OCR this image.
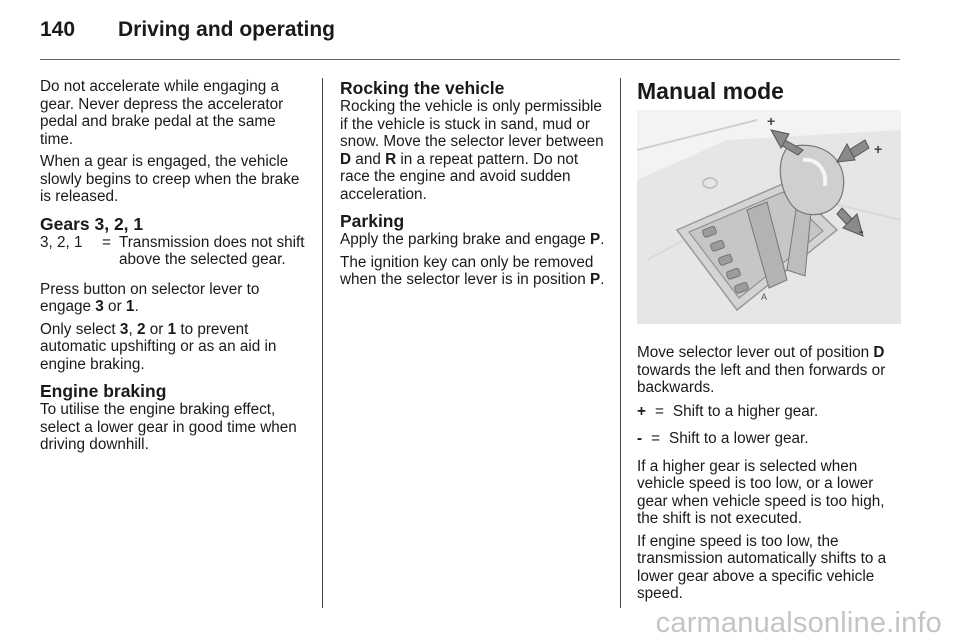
140	Driving and operating

Do not accelerate while engaging a gear. Never depress the accelerator pedal and brake pedal at the same time.

When a gear is engaged, the vehicle slowly begins to creep when the brake is released.

Gears 3, 2, 1
3, 2, 1	= Transmission does not shift above the selected gear.

Press button on selector lever to engage 3 or 1.

Only select 3, 2 or 1 to prevent automatic upshifting or as an aid in engine braking.

Engine braking

To utilise the engine braking effect, select a lower gear in good time when driving downhill.

Rocking the vehicle

Rocking the vehicle is only permissible if the vehicle is stuck in sand, mud or snow. Move the selector lever between D and R in a repeat pattern. Do not race the engine and avoid sudden acceleration.

Parking

Apply the parking brake and engage P.

The ignition key can only be removed when the selector lever is in position P.

Manual mode
A
+
+
-

Move selector lever out of position D towards the left and then forwards or backwards.

+ = Shift to a higher gear.
- = Shift to a lower gear.

If a higher gear is selected when vehicle speed is too low, or a lower gear when vehicle speed is too high, the shift is not executed.

If engine speed is too low, the transmission automatically shifts to a lower gear above a specific vehicle speed.

carmanualsonline.info
